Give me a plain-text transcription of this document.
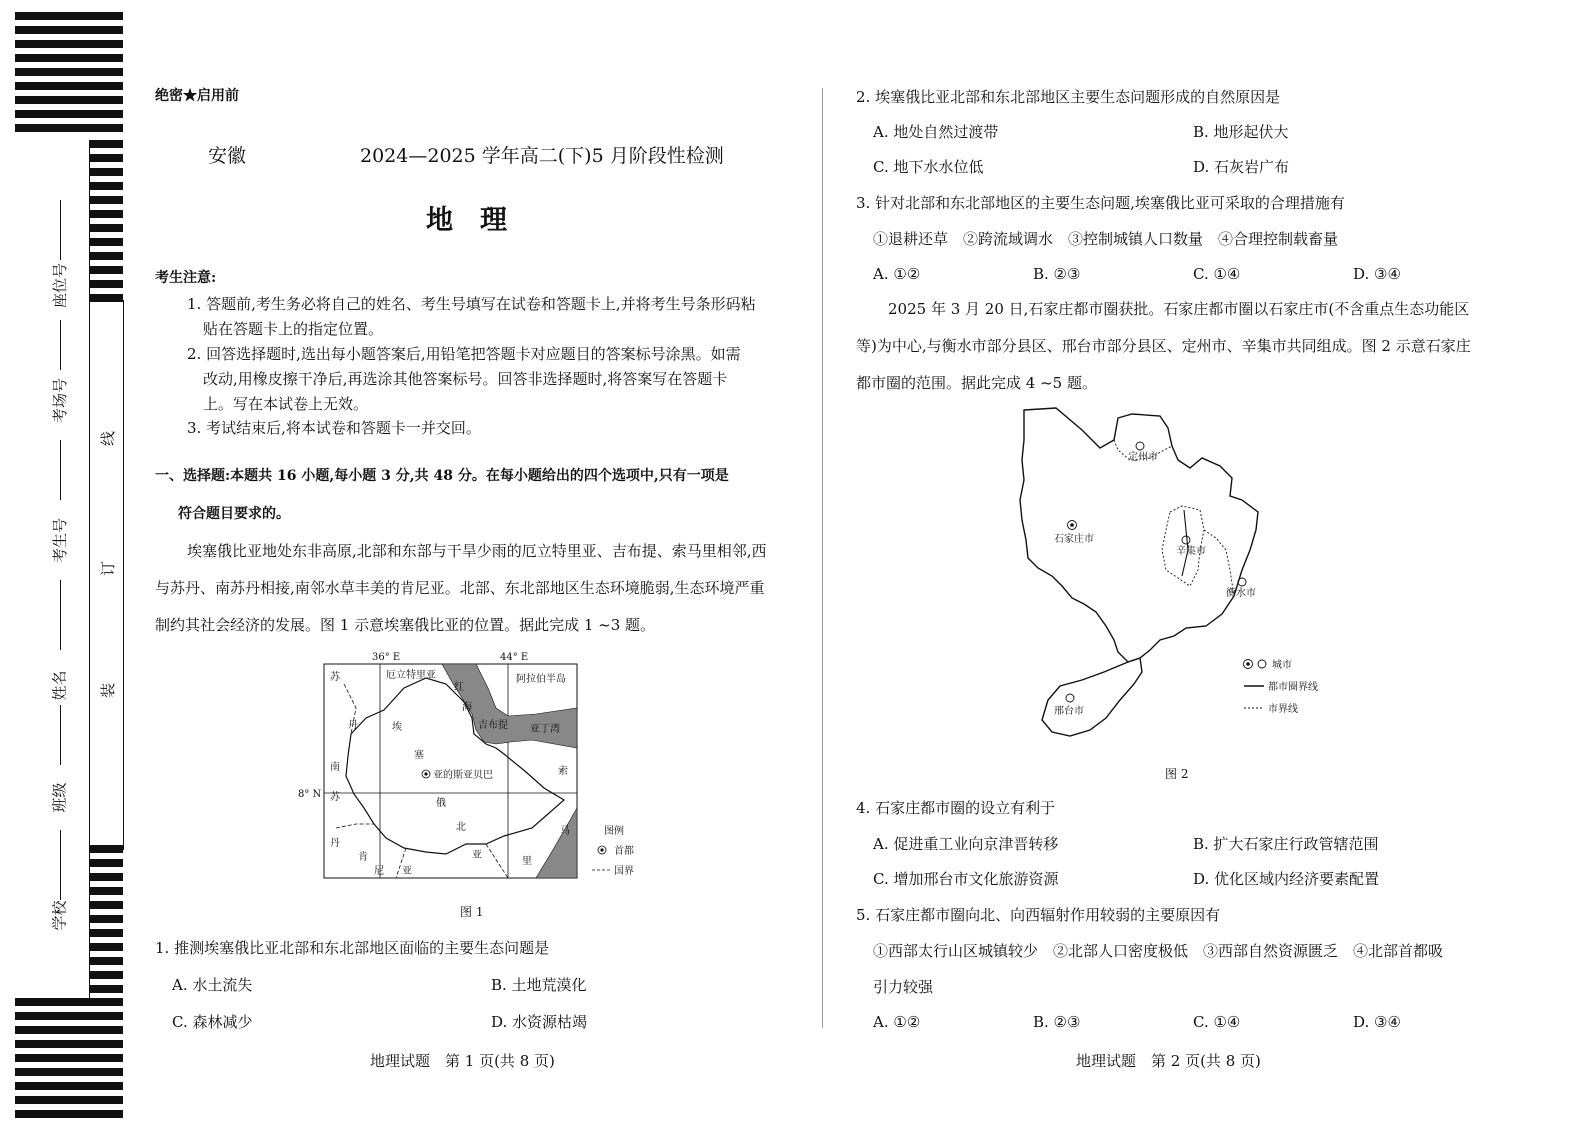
座位号
考场号
考生号
姓名
班级
学校
线
订
装
绝密★启用前
安徽	2024—2025 学年高二(下)5 月阶段性检测
地　理
考生注意:
1. 答题前,考生务必将自己的姓名、考生号填写在试卷和答题卡上,并将考生号条形码粘
贴在答题卡上的指定位置。
2. 回答选择题时,选出每小题答案后,用铅笔把答题卡对应题目的答案标号涂黑。如需
改动,用橡皮擦干净后,再选涂其他答案标号。回答非选择题时,将答案写在答题卡
上。写在本试卷上无效。
3. 考试结束后,将本试卷和答题卡一并交回。
一、选择题:本题共 16 小题,每小题 3 分,共 48 分。在每小题给出的四个选项中,只有一项是
符合题目要求的。
埃塞俄比亚地处东非高原,北部和东部与干旱少雨的厄立特里亚、吉布提、索马里相邻,西
与苏丹、南苏丹相接,南邻水草丰美的肯尼亚。北部、东北部地区生态环境脆弱,生态环境严重
制约其社会经济的发展。图 1 示意埃塞俄比亚的位置。据此完成 1 ~3 题。
36° E	44° E
8° N
苏
丹
南
苏
丹
厄立特里亚
红
海
阿拉伯半岛
吉布提 亚丁湾
埃
塞
俄
北
亚
亚的斯亚贝巴	索
马
里
肯
尼 亚
图例
首都
国界
图 1
1. 推测埃塞俄比亚北部和东北部地区面临的主要生态问题是
A. 水土流失	B. 土地荒漠化
C. 森林减少	D. 水资源枯竭
地理试题　第 1 页(共 8 页)
2. 埃塞俄比亚北部和东北部地区主要生态问题形成的自然原因是
A. 地处自然过渡带	B. 地形起伏大
C. 地下水水位低	D. 石灰岩广布
3. 针对北部和东北部地区的主要生态问题,埃塞俄比亚可采取的合理措施有
①退耕还草　②跨流域调水　③控制城镇人口数量　④合理控制载畜量
A. ①②	B. ②③	C. ①④	D. ③④
2025 年 3 月 20 日,石家庄都市圈获批。石家庄都市圈以石家庄市(不含重点生态功能区
等)为中心,与衡水市部分县区、邢台市部分县区、定州市、辛集市共同组成。图 2 示意石家庄
都市圈的范围。据此完成 4 ~5 题。
定州市
石家庄市
辛集市
衡水市
邢台市
城市
都市圈界线
市界线
图 2
4. 石家庄都市圈的设立有利于
A. 促进重工业向京津晋转移	B. 扩大石家庄行政管辖范围
C. 增加邢台市文化旅游资源	D. 优化区域内经济要素配置
5. 石家庄都市圈向北、向西辐射作用较弱的主要原因有
①西部太行山区城镇较少　②北部人口密度极低　③西部自然资源匮乏　④北部首都吸
引力较强
A. ①②	B. ②③	C. ①④	D. ③④
地理试题　第 2 页(共 8 页)
